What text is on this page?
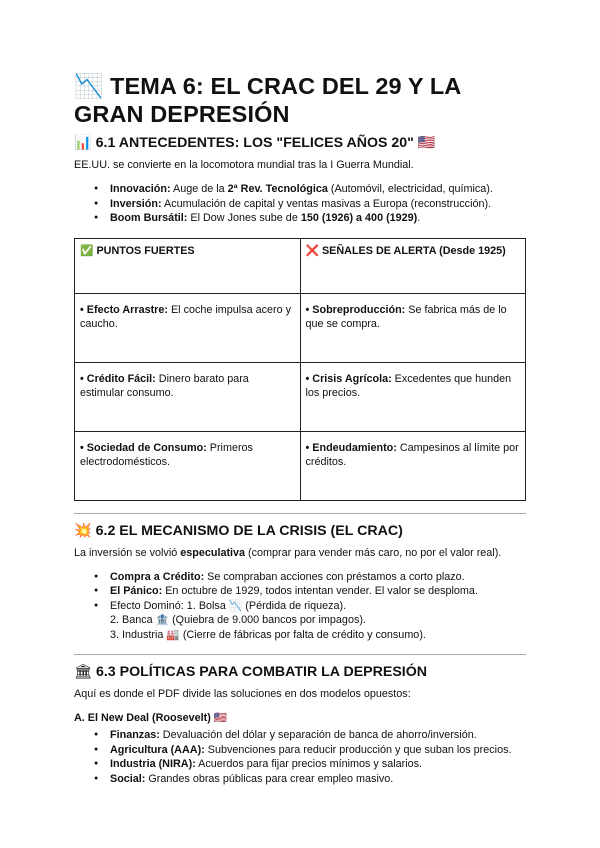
📉 TEMA 6: EL CRAC DEL 29 Y LA GRAN DEPRESIÓN
📊 6.1 ANTECEDENTES: LOS "FELICES AÑOS 20" 🇺🇸

EE.UU. se convierte en la locomotora mundial tras la I Guerra Mundial.

● Innovación: Auge de la 2ª Rev. Tecnológica (Automóvil, electricidad, química).
● Inversión: Acumulación de capital y ventas masivas a Europa (reconstrucción).
● Boom Bursátil: El Dow Jones sube de 150 (1926) a 400 (1929).
✅ PUNTOS FUERTES	❌ SEÑALES DE ALERTA (Desde 1925)
• Efecto Arrastre: El coche impulsa acero y caucho.	• Sobreproducción: Se fabrica más de lo que se compra.
• Crédito Fácil: Dinero barato para estimular consumo.	• Crisis Agrícola: Excedentes que hunden los precios.
• Sociedad de Consumo: Primeros electrodomésticos.	• Endeudamiento: Campesinos al límite por créditos.
💥 6.2 EL MECANISMO DE LA CRISIS (EL CRAC)

La inversión se volvió especulativa (comprar para vender más caro, no por el valor real).

● Compra a Crédito: Se compraban acciones con préstamos a corto plazo.
● El Pánico: En octubre de 1929, todos intentan vender. El valor se desploma.
● Efecto Dominó: 1. Bolsa 📉 (Pérdida de riqueza).
2. Banca 🏦 (Quiebra de 9.000 bancos por impagos).
3. Industria 🏭 (Cierre de fábricas por falta de crédito y consumo).
🏛 6.3 POLÍTICAS PARA COMBATIR LA DEPRESIÓN

Aquí es donde el PDF divide las soluciones en dos modelos opuestos:

A. El New Deal (Roosevelt) 🇺🇸
● Finanzas: Devaluación del dólar y separación de banca de ahorro/inversión.
● Agricultura (AAA): Subvenciones para reducir producción y que suban los precios.
● Industria (NIRA): Acuerdos para fijar precios mínimos y salarios.
● Social: Grandes obras públicas para crear empleo masivo.
